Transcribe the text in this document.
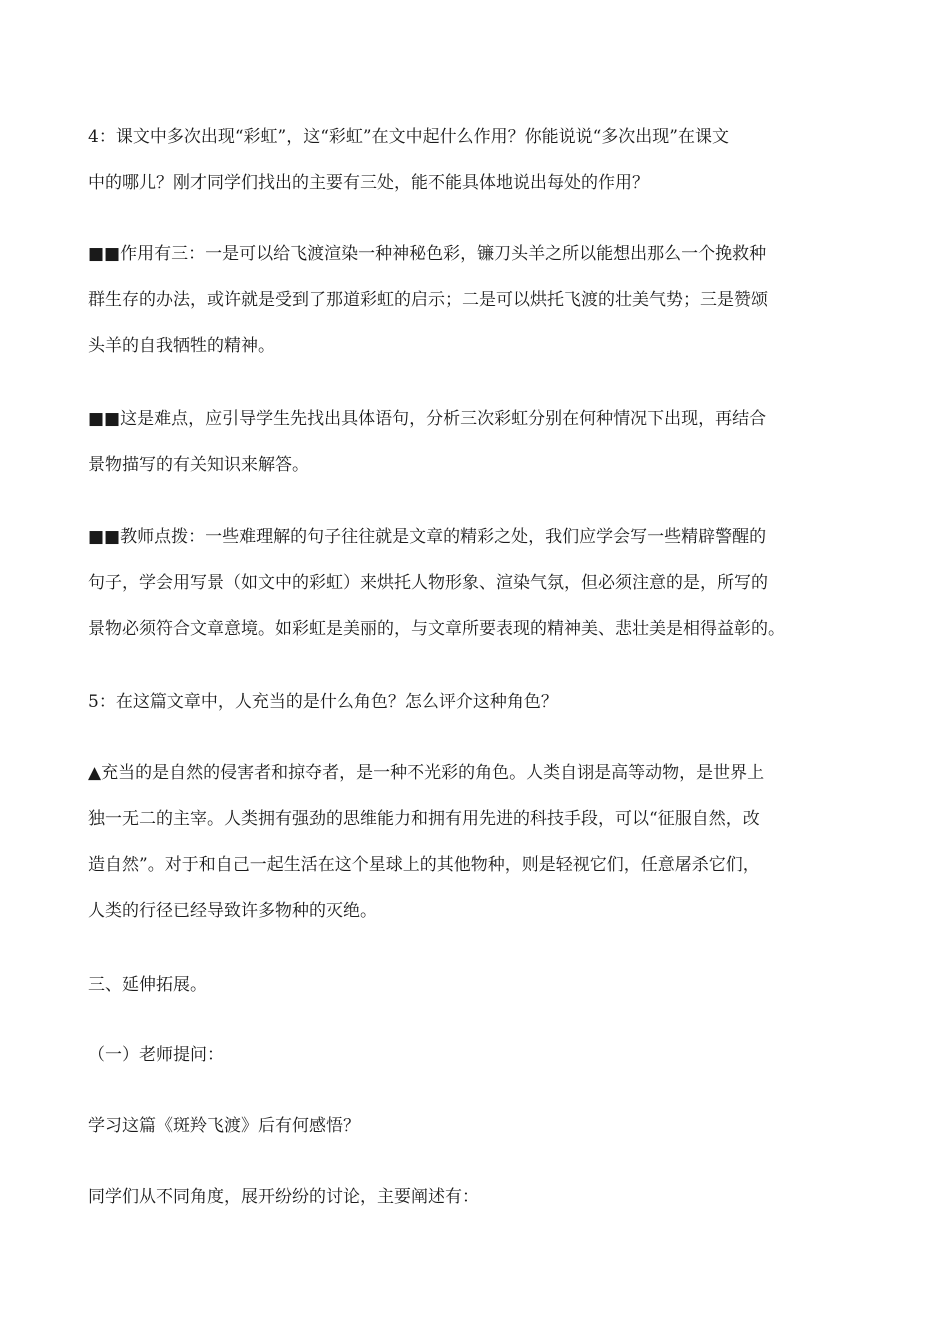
4：课文中多次出现“彩虹”，这“彩虹”在文中起什么作用？你能说说“多次出现”在课文
中的哪儿？刚才同学们找出的主要有三处，能不能具体地说出每处的作用？
■■作用有三：一是可以给飞渡渲染一种神秘色彩，镰刀头羊之所以能想出那么一个挽救种
群生存的办法，或许就是受到了那道彩虹的启示；二是可以烘托飞渡的壮美气势；三是赞颂
头羊的自我牺牲的精神。
■■这是难点，应引导学生先找出具体语句，分析三次彩虹分别在何种情况下出现，再结合
景物描写的有关知识来解答。
■■教师点拨：一些难理解的句子往往就是文章的精彩之处，我们应学会写一些精辟警醒的
句子，学会用写景（如文中的彩虹）来烘托人物形象、渲染气氛，但必须注意的是，所写的
景物必须符合文章意境。如彩虹是美丽的，与文章所要表现的精神美、悲壮美是相得益彰的。
5：在这篇文章中，人充当的是什么角色？怎么评介这种角色？
▲充当的是自然的侵害者和掠夺者，是一种不光彩的角色。人类自诩是高等动物，是世界上
独一无二的主宰。人类拥有强劲的思维能力和拥有用先进的科技手段，可以“征服自然，改
造自然”。对于和自己一起生活在这个星球上的其他物种，则是轻视它们，任意屠杀它们，
人类的行径已经导致许多物种的灭绝。
三、延伸拓展。
（一）老师提问：
学习这篇《斑羚飞渡》后有何感悟？
同学们从不同角度，展开纷纷的讨论，主要阐述有：
